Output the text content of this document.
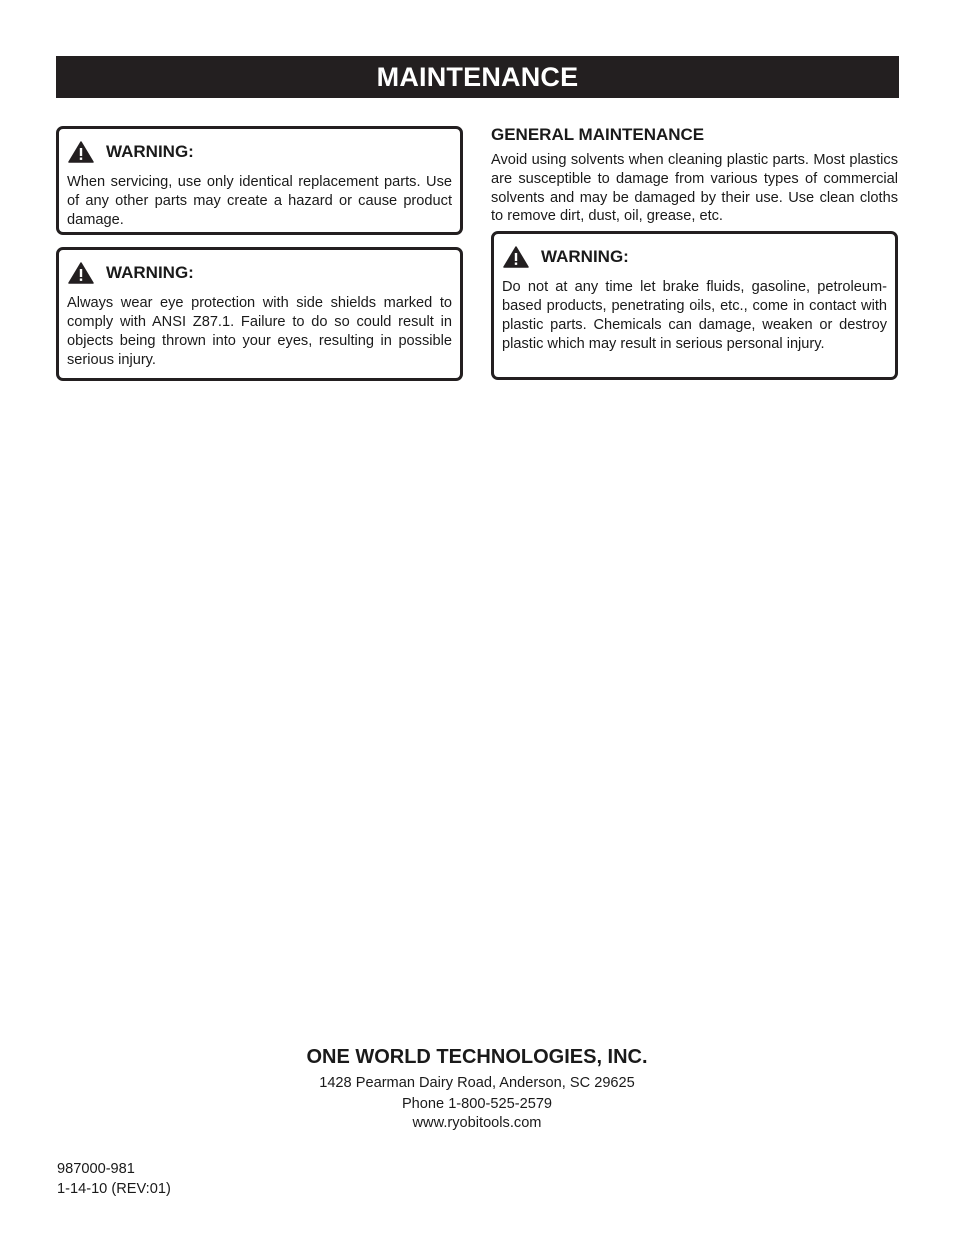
MAINTENANCE
WARNING:
When servicing, use only identical replacement parts. Use of any other parts may create a hazard or cause product damage.
WARNING:
Always wear eye protection with side shields marked to comply with ANSI Z87.1. Failure to do so could result in objects being thrown into your eyes, resulting in possible serious injury.
GENERAL MAINTENANCE
Avoid using solvents when cleaning plastic parts. Most plastics are susceptible to damage from various types of commercial solvents and may be damaged by their use. Use clean cloths to remove dirt, dust, oil, grease, etc.
WARNING:
Do not at any time let brake fluids, gasoline, petroleum-based products, penetrating oils, etc., come in contact with plastic parts. Chemicals can damage, weaken or destroy plastic which may result in serious personal injury.
ONE WORLD TECHNOLOGIES, INC.
1428 Pearman Dairy Road, Anderson, SC 29625
Phone 1-800-525-2579
www.ryobitools.com
987000-981
1-14-10 (REV:01)
